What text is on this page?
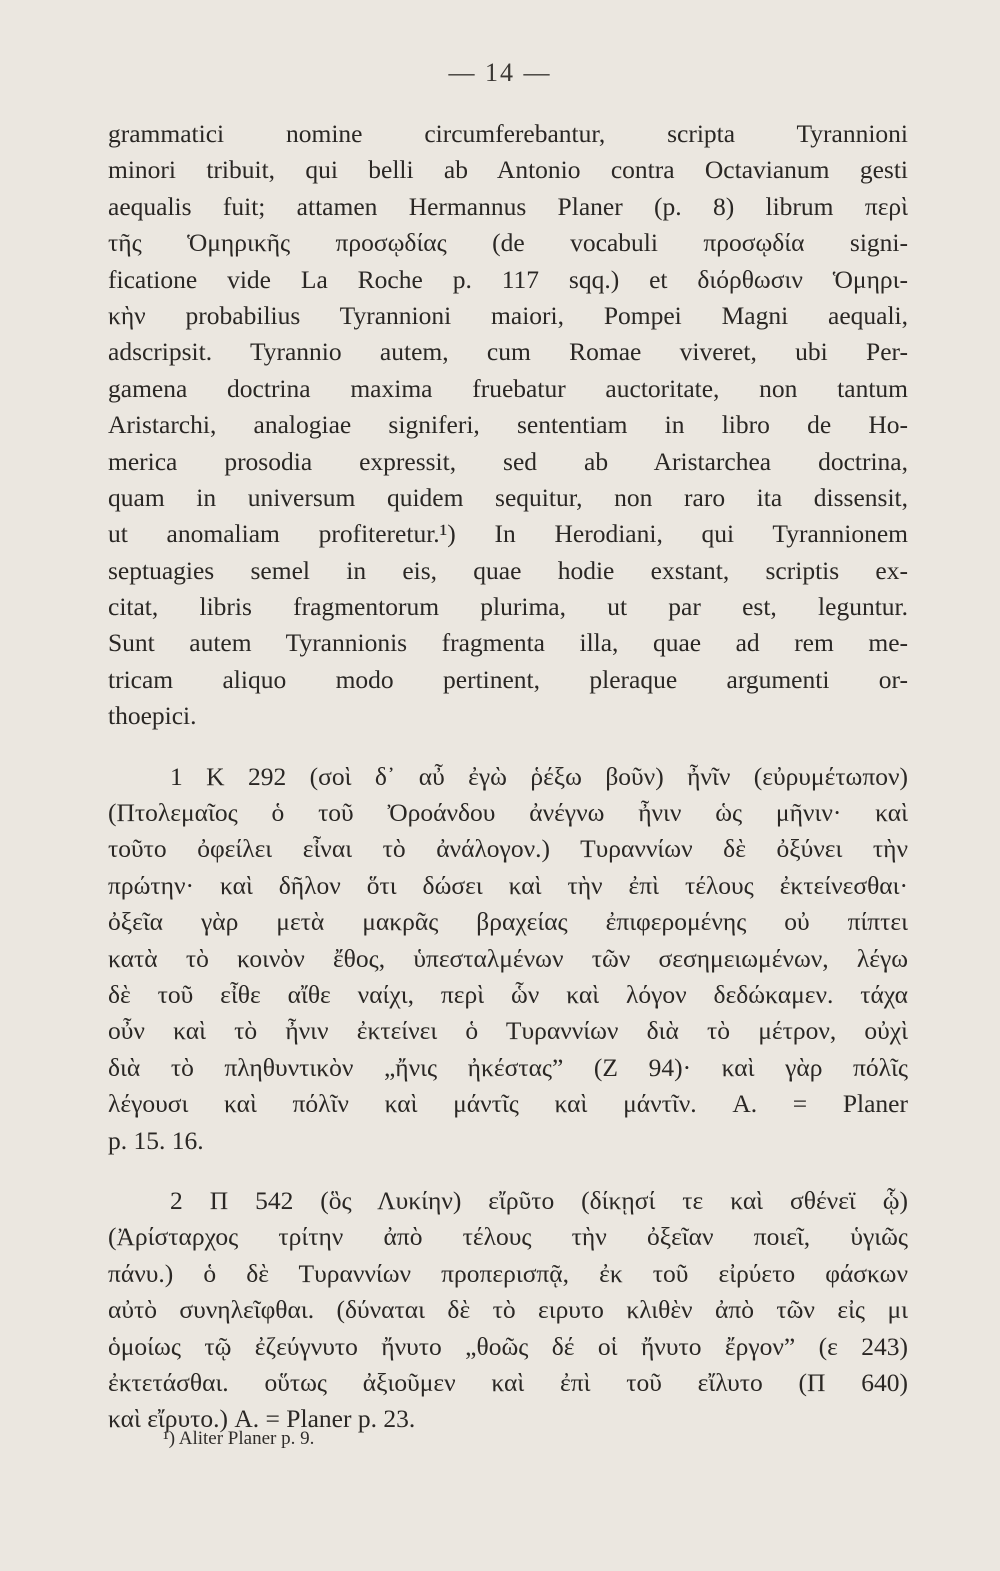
— 14 —
grammatici nomine circumferebantur, scripta Tyrannioni
minori tribuit, qui belli ab Antonio contra Octavianum gesti
aequalis fuit; attamen Hermannus Planer (p. 8) librum περὶ
τῆς Ὁμηρικῆς προσῳδίας (de vocabuli προσῳδία signi-
ficatione vide La Roche p. 117 sqq.) et διόρθωσιν Ὁμηρι-
κὴν probabilius Tyrannioni maiori, Pompei Magni aequali,
adscripsit. Tyrannio autem, cum Romae viveret, ubi Per-
gamena doctrina maxima fruebatur auctoritate, non tantum
Aristarchi, analogiae signiferi, sententiam in libro de Ho-
merica prosodia expressit, sed ab Aristarchea doctrina,
quam in universum quidem sequitur, non raro ita dissensit,
ut anomaliam profiteretur.¹) In Herodiani, qui Tyrannionem
septuagies semel in eis, quae hodie exstant, scriptis ex-
citat, libris fragmentorum plurima, ut par est, leguntur.
Sunt autem Tyrannionis fragmenta illa, quae ad rem me-
tricam aliquo modo pertinent, pleraque argumenti or-
thoepici.
1 Κ 292 (σοὶ δ᾽ αὖ ἐγὼ ῥέξω βοῦν) ἦνῖν (εὐρυμέτωπον)
(Πτολεμαῖος ὁ τοῦ Ὀροάνδου ἀνέγνω ἦνιν ὡς μῆνιν· καὶ
τοῦτο ὀφείλει εἶναι τὸ ἀνάλογον.) Τυραννίων δὲ ὀξύνει τὴν
πρώτην· καὶ δῆλον ὅτι δώσει καὶ τὴν ἐπὶ τέλους ἐκτείνεσθαι·
ὀξεῖα γὰρ μετὰ μακρᾶς βραχείας ἐπιφερομένης οὐ πίπτει
κατὰ τὸ κοινὸν ἔθος, ὑπεσταλμένων τῶν σεσημειωμένων, λέγω
δὲ τοῦ εἶθε αἴθε ναίχι, περὶ ὧν καὶ λόγον δεδώκαμεν. τάχα
οὖν καὶ τὸ ἦνιν ἐκτείνει ὁ Τυραννίων διὰ τὸ μέτρον, οὐχὶ
διὰ τὸ πληθυντικὸν „ἤνις ἠκέστας” (Ζ 94)· καὶ γὰρ πόλῖς
λέγουσι καὶ πόλῖν καὶ μάντῖς καὶ μάντῖν. A. = Planer
p. 15. 16.
2 Π 542 (ὃς Λυκίην) εἴρῦτο (δίκῃσί τε καὶ σθένεϊ ᾧ)
(Ἀρίσταρχος τρίτην ἀπὸ τέλους τὴν ὀξεῖαν ποιεῖ, ὑγιῶς
πάνυ.) ὁ δὲ Τυραννίων προπερισπᾷ, ἐκ τοῦ εἰρύετο φάσκων
αὐτὸ συνηλεῖφθαι. (δύναται δὲ τὸ ειρυτο κλιθὲν ἀπὸ τῶν εἰς μι
ὁμοίως τῷ ἐζεύγνυτο ἤνυτο „θοῶς δέ οἱ ἤνυτο ἔργον” (ε 243)
ἐκτετάσθαι. οὕτως ἀξιοῦμεν καὶ ἐπὶ τοῦ εἴλυτο (Π 640)
καὶ εἴρυτο.) A. = Planer p. 23.
¹) Aliter Planer p. 9.
